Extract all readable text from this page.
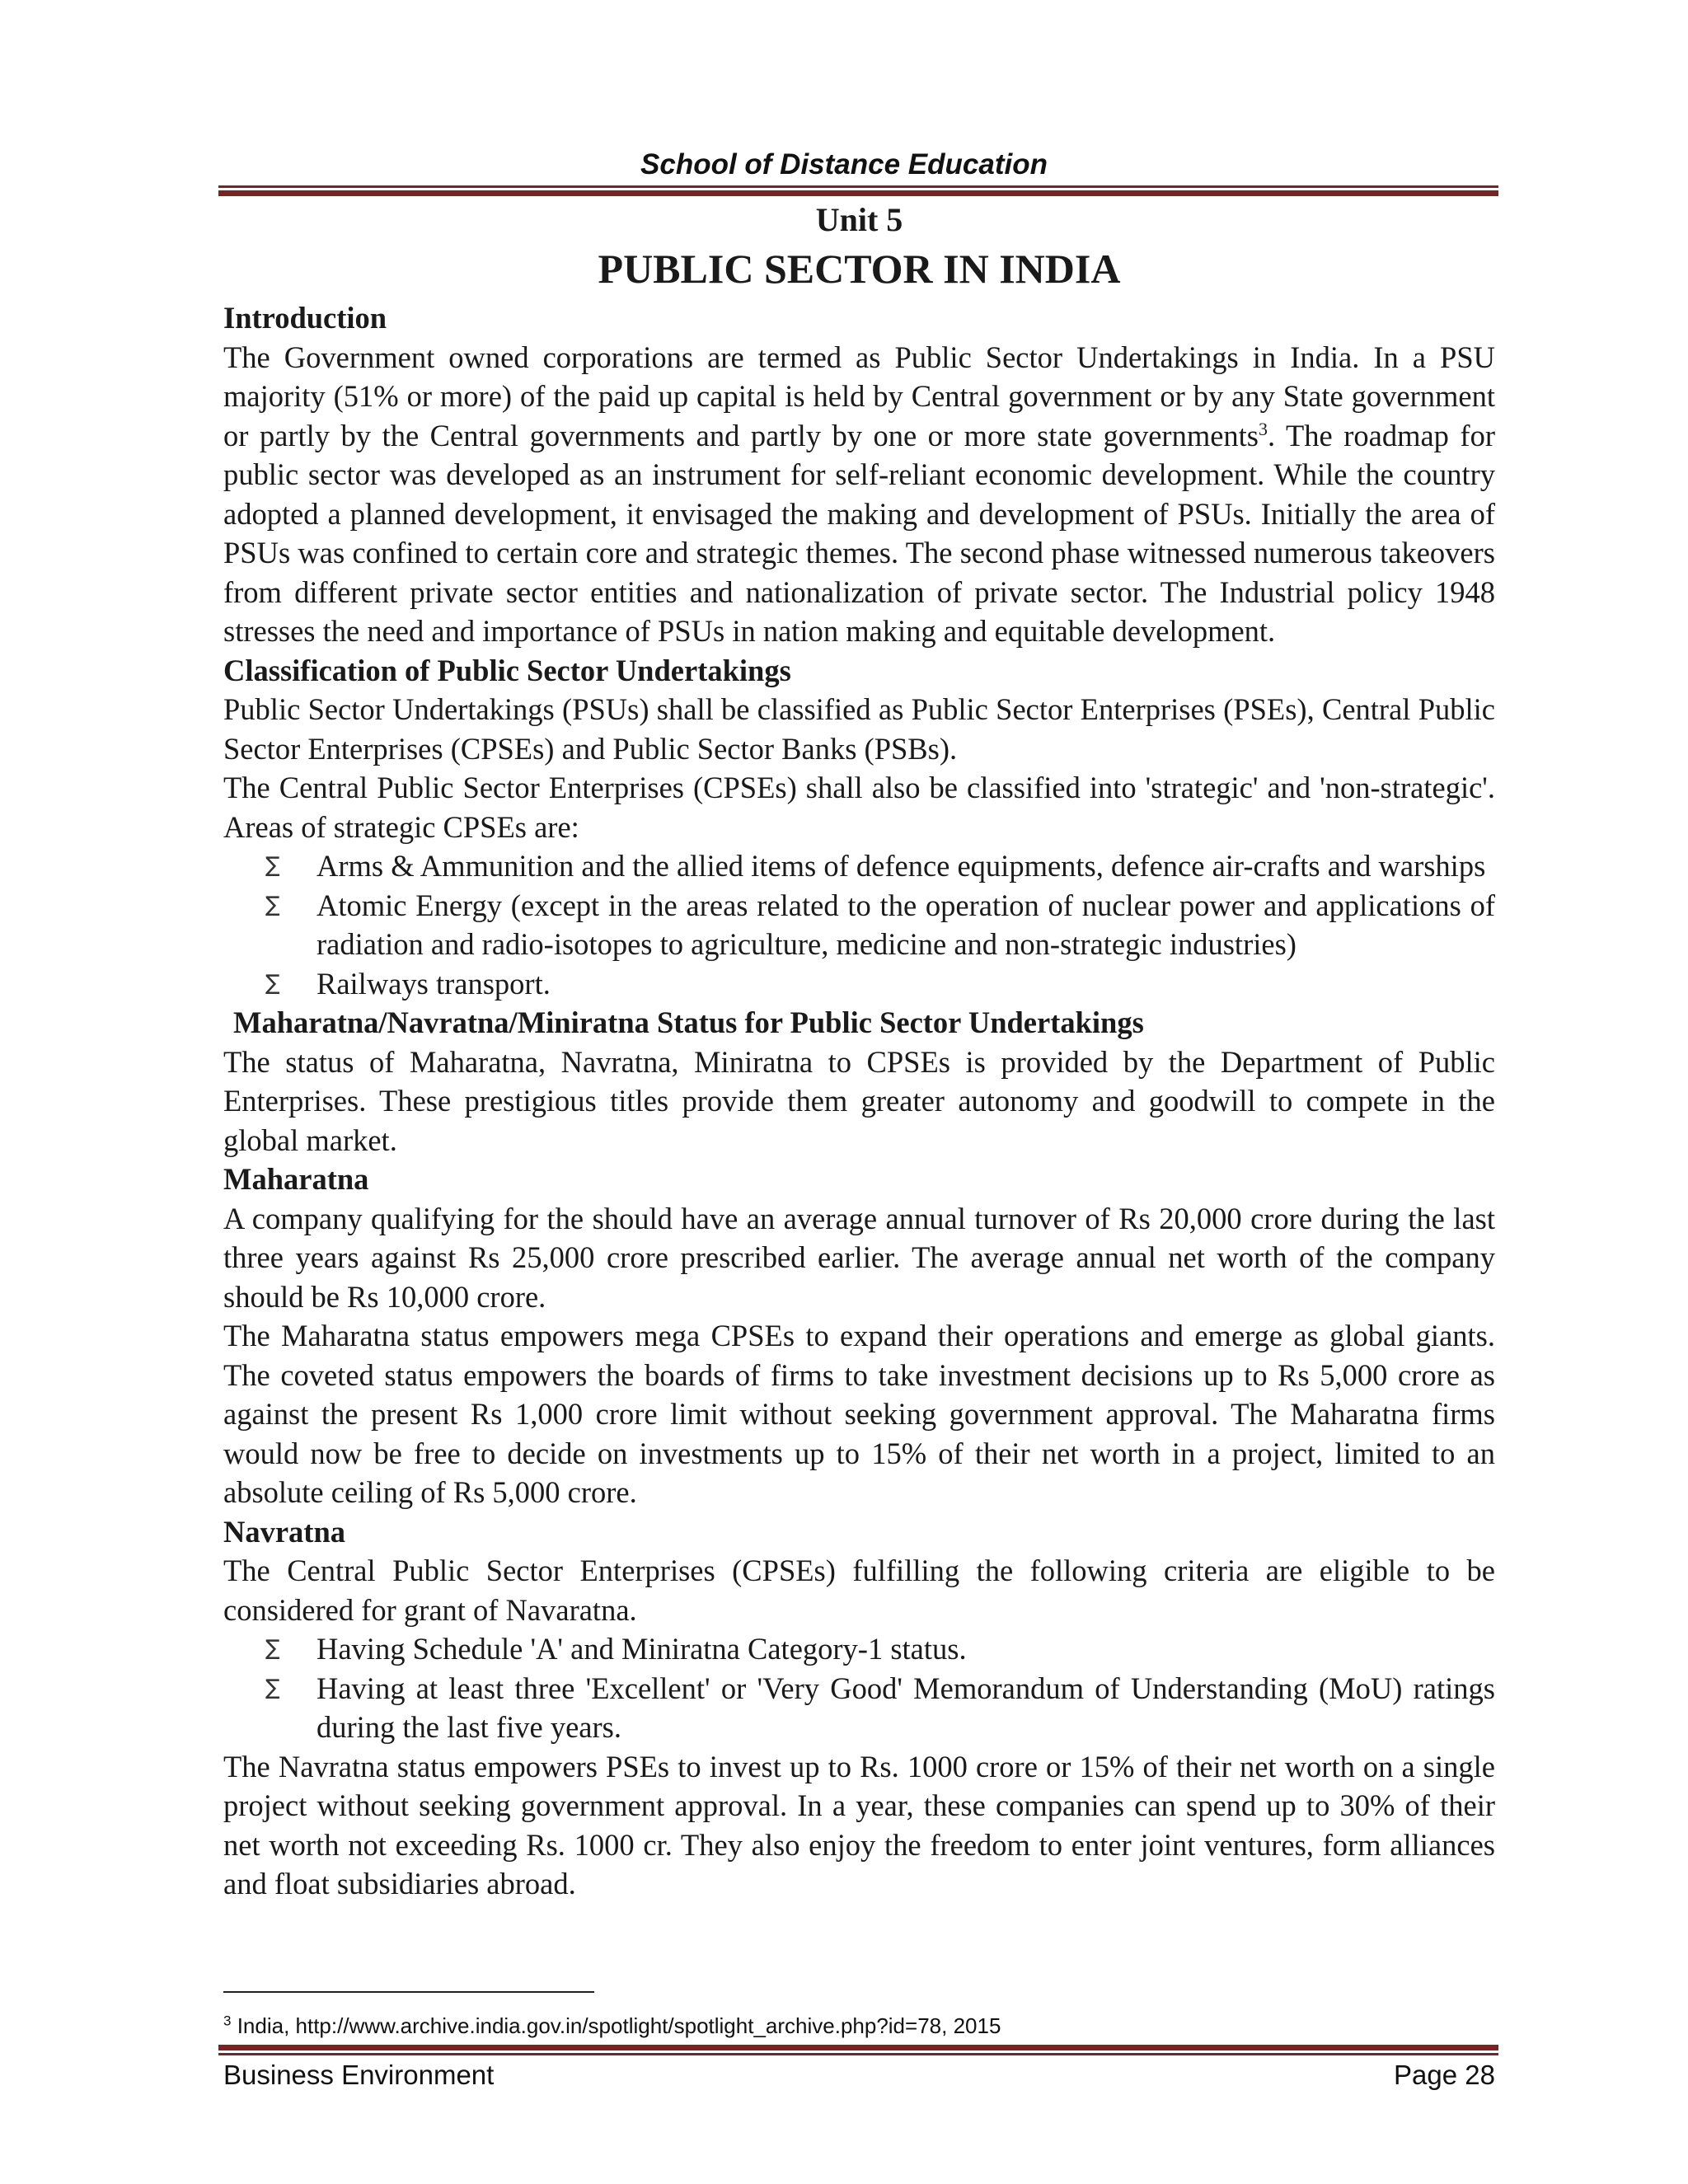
School of Distance Education

Unit 5

PUBLIC SECTOR IN INDIA

Introduction

The Government owned corporations are termed as Public Sector Undertakings in India. In a PSU majority (51% or more) of the paid up capital is held by Central government or by any State government or partly by the Central governments and partly by one or more state governments$^3$. The roadmap for public sector was developed as an instrument for self-reliant economic development. While the country adopted a planned development, it envisaged the making and development of PSUs. Initially the area of PSUs was confined to certain core and strategic themes. The second phase witnessed numerous takeovers from different private sector entities and nationalization of private sector. The Industrial policy 1948 stresses the need and importance of PSUs in nation making and equitable development.

Classification of Public Sector Undertakings

Public Sector Undertakings (PSUs) shall be classified as Public Sector Enterprises (PSEs), Central Public Sector Enterprises (CPSEs) and Public Sector Banks (PSBs).

The Central Public Sector Enterprises (CPSEs) shall also be classified into 'strategic' and 'non-strategic'. Areas of strategic CPSEs are:

∑ Arms & Ammunition and the allied items of defence equipments, defence air-crafts and warships
∑ Atomic Energy (except in the areas related to the operation of nuclear power and applications of radiation and radio-isotopes to agriculture, medicine and non-strategic industries)
∑ Railways transport.

Maharatna/Navratna/Miniratna Status for Public Sector Undertakings

The status of Maharatna, Navratna, Miniratna to CPSEs is provided by the Department of Public Enterprises. These prestigious titles provide them greater autonomy and goodwill to compete in the global market.

Maharatna

A company qualifying for the should have an average annual turnover of Rs 20,000 crore during the last three years against Rs 25,000 crore prescribed earlier. The average annual net worth of the company should be Rs 10,000 crore.

The Maharatna status empowers mega CPSEs to expand their operations and emerge as global giants. The coveted status empowers the boards of firms to take investment decisions up to Rs 5,000 crore as against the present Rs 1,000 crore limit without seeking government approval. The Maharatna firms would now be free to decide on investments up to 15% of their net worth in a project, limited to an absolute ceiling of Rs 5,000 crore.

Navratna

The Central Public Sector Enterprises (CPSEs) fulfilling the following criteria are eligible to be considered for grant of Navaratna.

∑ Having Schedule 'A' and Miniratna Category-1 status.
∑ Having at least three 'Excellent' or 'Very Good' Memorandum of Understanding (MoU) ratings during the last five years.

The Navratna status empowers PSEs to invest up to Rs. 1000 crore or 15% of their net worth on a single project without seeking government approval. In a year, these companies can spend up to 30% of their net worth not exceeding Rs. 1000 cr. They also enjoy the freedom to enter joint ventures, form alliances and float subsidiaries abroad.

$^3$ India, http://www.archive.india.gov.in/spotlight/spotlight_archive.php?id=78, 2015
Business Environment	Page 28
